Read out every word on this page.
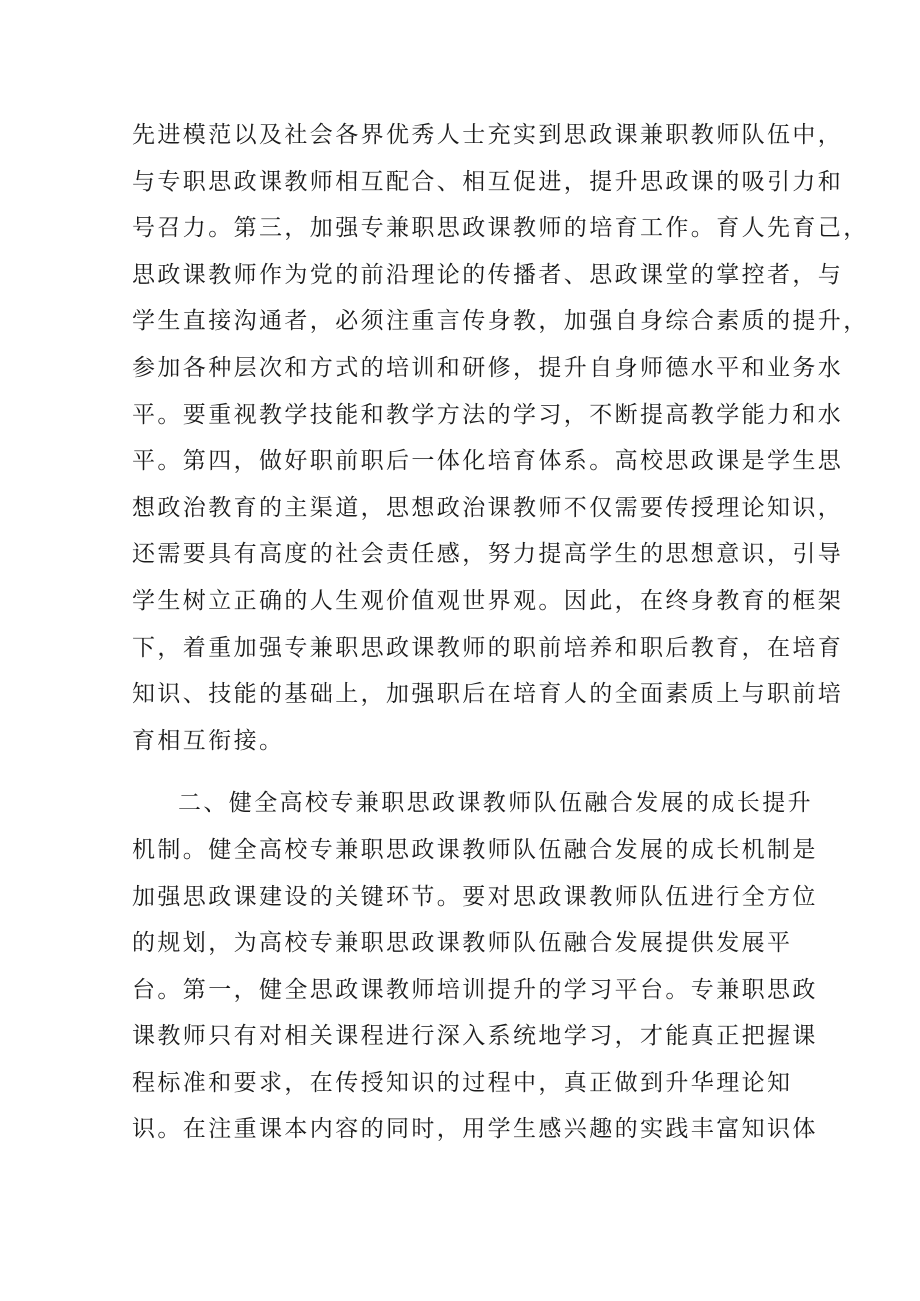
先进模范以及社会各界优秀人士充实到思政课兼职教师队伍中，
与专职思政课教师相互配合、相互促进，提升思政课的吸引力和
号召力。第三，加强专兼职思政课教师的培育工作。育人先育己，
思政课教师作为党的前沿理论的传播者、思政课堂的掌控者，与
学生直接沟通者，必须注重言传身教，加强自身综合素质的提升，
参加各种层次和方式的培训和研修，提升自身师德水平和业务水
平。要重视教学技能和教学方法的学习，不断提高教学能力和水
平。第四，做好职前职后一体化培育体系。高校思政课是学生思
想政治教育的主渠道，思想政治课教师不仅需要传授理论知识，
还需要具有高度的社会责任感，努力提高学生的思想意识，引导
学生树立正确的人生观价值观世界观。因此，在终身教育的框架
下，着重加强专兼职思政课教师的职前培养和职后教育，在培育
知识、技能的基础上，加强职后在培育人的全面素质上与职前培
育相互衔接。
二、健全高校专兼职思政课教师队伍融合发展的成长提升
机制。健全高校专兼职思政课教师队伍融合发展的成长机制是
加强思政课建设的关键环节。要对思政课教师队伍进行全方位
的规划，为高校专兼职思政课教师队伍融合发展提供发展平
台。第一，健全思政课教师培训提升的学习平台。专兼职思政
课教师只有对相关课程进行深入系统地学习，才能真正把握课
程标准和要求，在传授知识的过程中，真正做到升华理论知
识。在注重课本内容的同时，用学生感兴趣的实践丰富知识体
